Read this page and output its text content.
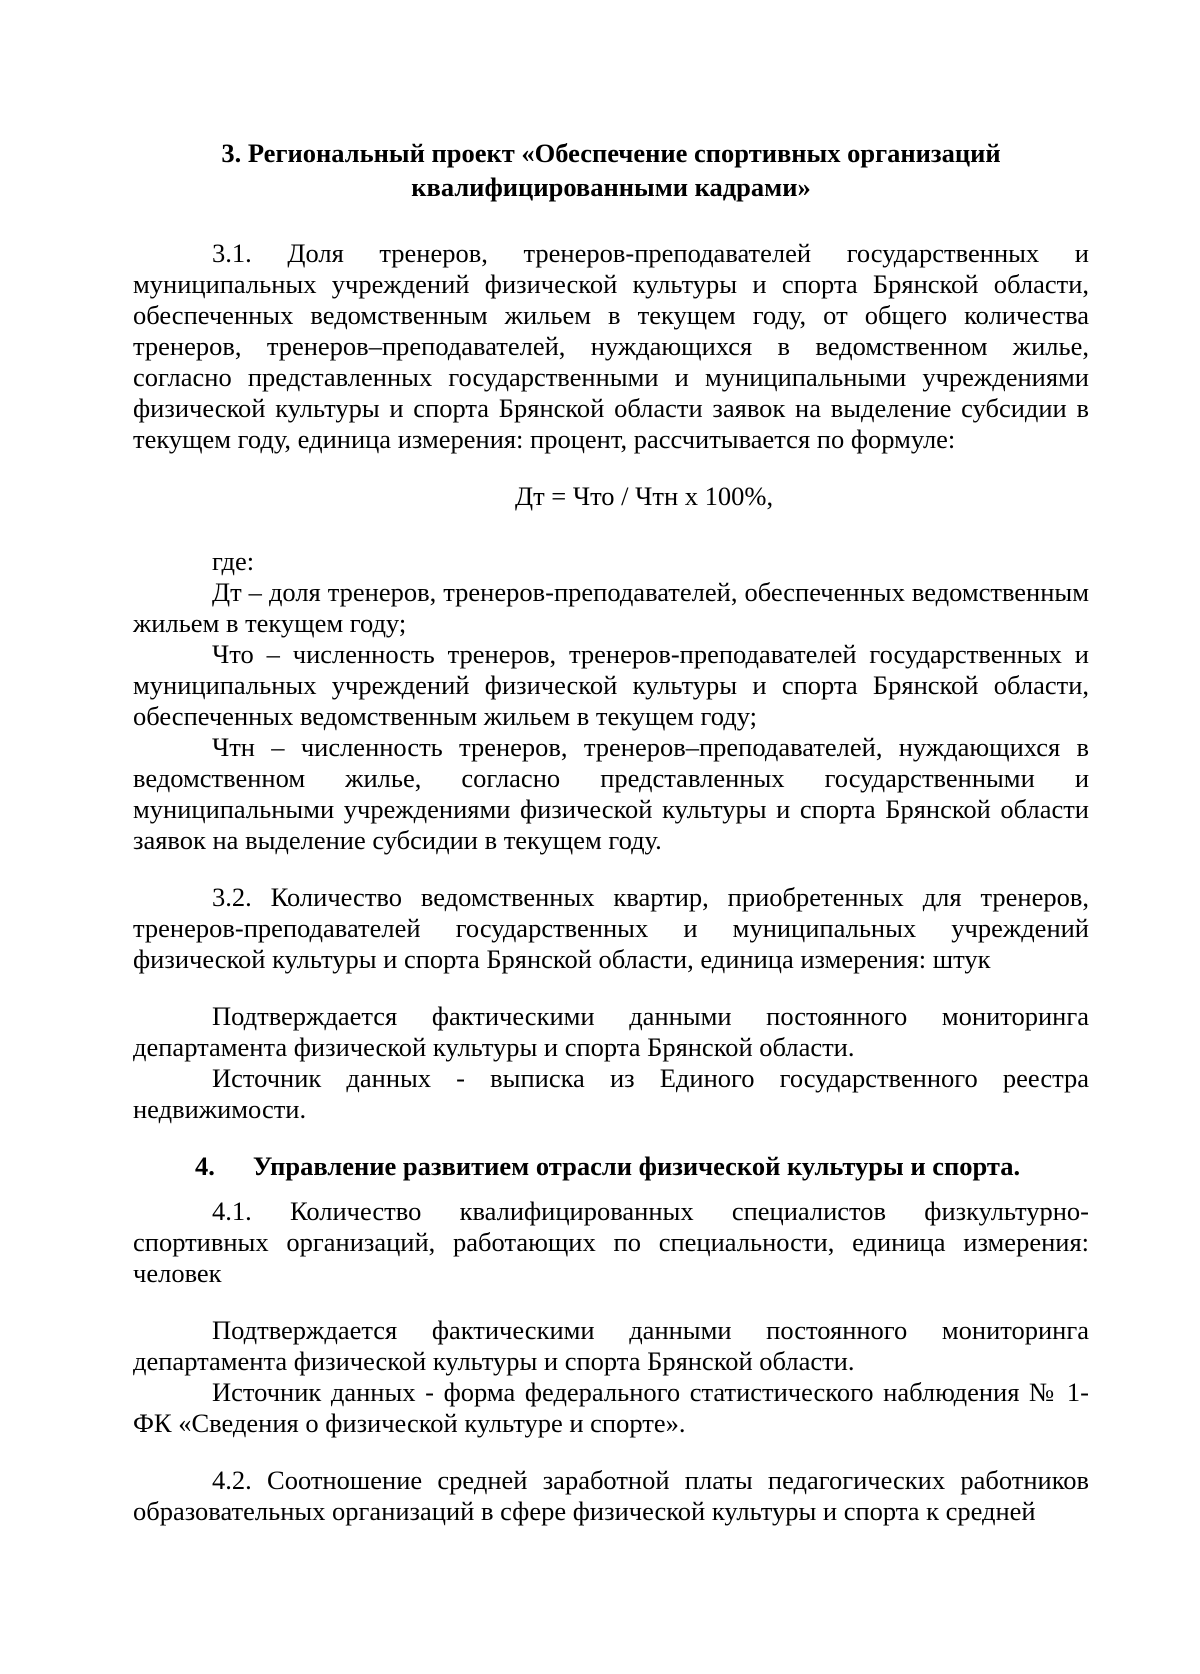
3. Региональный проект «Обеспечение спортивных организаций

квалифицированными кадрами»

3.1. Доля тренеров, тренеров-преподавателей государственных и муниципальных учреждений физической культуры и спорта Брянской области, обеспеченных ведомственным жильем в текущем году, от общего количества тренеров, тренеров–преподавателей, нуждающихся в ведомственном жилье, согласно представленных государственными и муниципальными учреждениями физической культуры и спорта Брянской области заявок на выделение субсидии в текущем году, единица измерения: процент, рассчитывается по формуле:

Дт = Что / Чтн х 100%,

где:

Дт – доля тренеров, тренеров-преподавателей, обеспеченных ведомственным жильем в текущем году;

Что – численность тренеров, тренеров-преподавателей государственных и муниципальных учреждений физической культуры и спорта Брянской области, обеспеченных ведомственным жильем в текущем году;

Чтн – численность тренеров, тренеров–преподавателей, нуждающихся в ведомственном жилье, согласно представленных государственными и муниципальными учреждениями физической культуры и спорта Брянской области заявок на выделение субсидии в текущем году.

3.2. Количество ведомственных квартир, приобретенных для тренеров, тренеров-преподавателей государственных и муниципальных учреждений физической культуры и спорта Брянской области, единица измерения: штук

Подтверждается фактическими данными постоянного мониторинга департамента физической культуры и спорта Брянской области.

Источник данных - выписка из Единого государственного реестра недвижимости.

4. Управление развитием отрасли физической культуры и спорта.

4.1. Количество квалифицированных специалистов физкультурно-спортивных организаций, работающих по специальности, единица измерения: человек

Подтверждается фактическими данными постоянного мониторинга департамента физической культуры и спорта Брянской области.

Источник данных - форма федерального статистического наблюдения № 1-ФК «Сведения о физической культуре и спорте».

4.2. Соотношение средней заработной платы педагогических работников образовательных организаций в сфере физической культуры и спорта к средней
